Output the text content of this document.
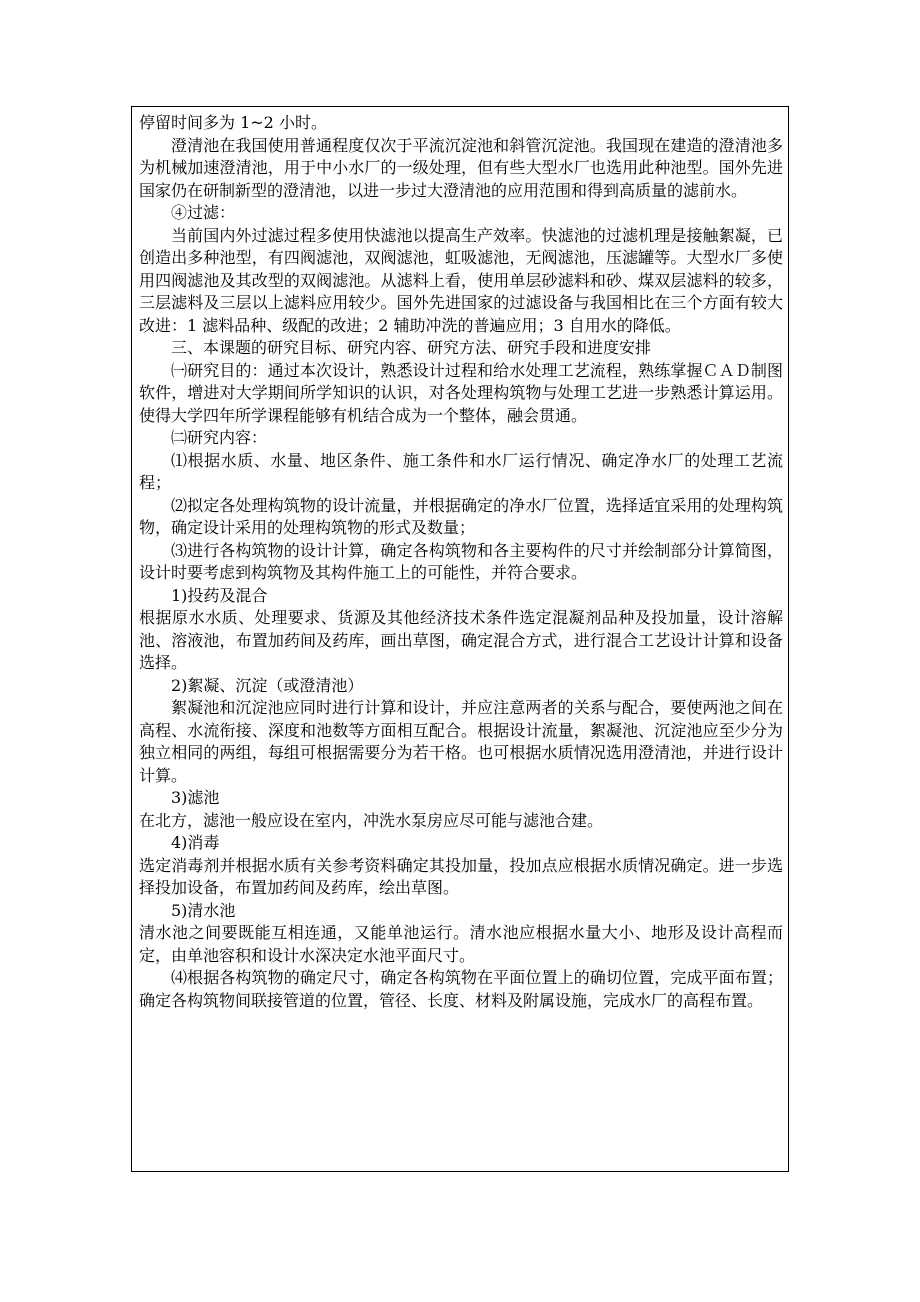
停留时间多为 1~2 小时。

澄清池在我国使用普通程度仅次于平流沉淀池和斜管沉淀池。我国现在建造的澄清池多为机械加速澄清池，用于中小水厂的一级处理，但有些大型水厂也选用此种池型。国外先进国家仍在研制新型的澄清池，以进一步过大澄清池的应用范围和得到高质量的滤前水。

④过滤：

当前国内外过滤过程多使用快滤池以提高生产效率。快滤池的过滤机理是接触絮凝，已创造出多种池型，有四阀滤池，双阀滤池，虹吸滤池，无阀滤池，压滤罐等。大型水厂多使用四阀滤池及其改型的双阀滤池。从滤料上看，使用单层砂滤料和砂、煤双层滤料的较多，三层滤料及三层以上滤料应用较少。国外先进国家的过滤设备与我国相比在三个方面有较大改进：1 滤料品种、级配的改进；2 辅助冲洗的普遍应用；3 自用水的降低。

三、本课题的研究目标、研究内容、研究方法、研究手段和进度安排

㈠研究目的：通过本次设计，熟悉设计过程和给水处理工艺流程，熟练掌握ＣＡＤ制图软件，增进对大学期间所学知识的认识，对各处理构筑物与处理工艺进一步熟悉计算运用。使得大学四年所学课程能够有机结合成为一个整体，融会贯通。

㈡研究内容：

⑴根据水质、水量、地区条件、施工条件和水厂运行情况、确定净水厂的处理工艺流程；

⑵拟定各处理构筑物的设计流量，并根据确定的净水厂位置，选择适宜采用的处理构筑物，确定设计采用的处理构筑物的形式及数量；

⑶进行各构筑物的设计计算，确定各构筑物和各主要构件的尺寸并绘制部分计算简图，设计时要考虑到构筑物及其构件施工上的可能性，并符合要求。

1)投药及混合

根据原水水质、处理要求、货源及其他经济技术条件选定混凝剂品种及投加量，设计溶解池、溶液池，布置加药间及药库，画出草图，确定混合方式，进行混合工艺设计计算和设备选择。

2)絮凝、沉淀（或澄清池）

絮凝池和沉淀池应同时进行计算和设计，并应注意两者的关系与配合，要使两池之间在高程、水流衔接、深度和池数等方面相互配合。根据设计流量，絮凝池、沉淀池应至少分为独立相同的两组，每组可根据需要分为若干格。也可根据水质情况选用澄清池，并进行设计计算。

3)滤池

在北方，滤池一般应设在室内，冲洗水泵房应尽可能与滤池合建。

4)消毒

选定消毒剂并根据水质有关参考资料确定其投加量，投加点应根据水质情况确定。进一步选择投加设备，布置加药间及药库，绘出草图。

5)清水池

清水池之间要既能互相连通，又能单池运行。清水池应根据水量大小、地形及设计高程而定，由单池容积和设计水深决定水池平面尺寸。

⑷根据各构筑物的确定尺寸，确定各构筑物在平面位置上的确切位置，完成平面布置；确定各构筑物间联接管道的位置，管径、长度、材料及附属设施，完成水厂的高程布置。
